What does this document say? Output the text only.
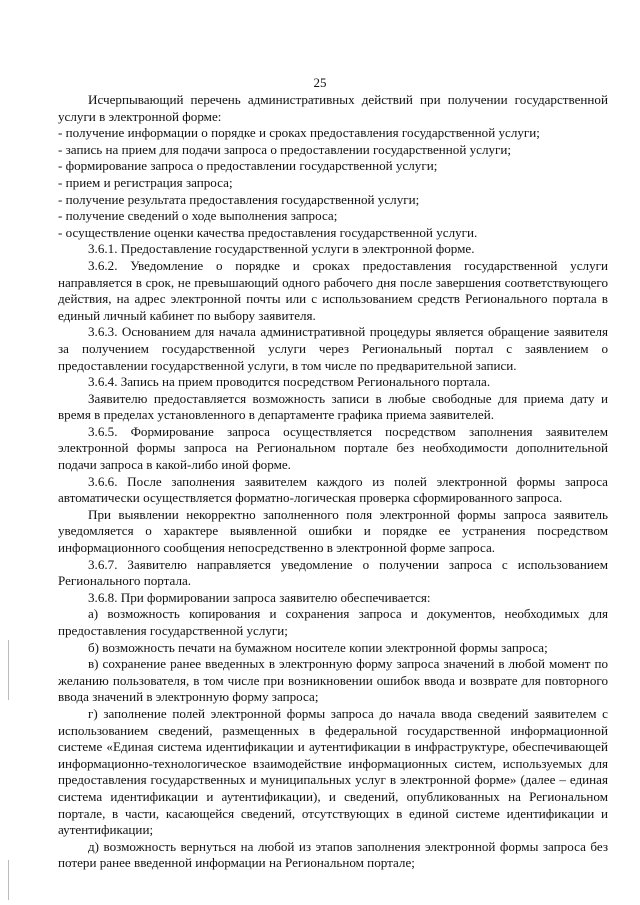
25

Исчерпывающий перечень административных действий при получении государственной услуги в электронной форме:

- получение информации о порядке и сроках предоставления государственной услуги;

- запись на прием для подачи запроса о предоставлении государственной услуги;

- формирование запроса о предоставлении государственной услуги;

- прием и регистрация запроса;

- получение результата предоставления государственной услуги;

- получение сведений о ходе выполнения запроса;

- осуществление оценки качества предоставления государственной услуги.

3.6.1. Предоставление государственной услуги в электронной форме.

3.6.2. Уведомление о порядке и сроках предоставления государственной услуги направляется в срок, не превышающий одного рабочего дня после завершения соответствующего действия, на адрес электронной почты или с использованием средств Регионального портала в единый личный кабинет по выбору заявителя.

3.6.3. Основанием для начала административной процедуры является обращение заявителя за получением государственной услуги через Региональный портал с заявлением о предоставлении государственной услуги, в том числе по предварительной записи.

3.6.4. Запись на прием проводится посредством Регионального портала.

Заявителю предоставляется возможность записи в любые свободные для приема дату и время в пределах установленного в департаменте графика приема заявителей.

3.6.5. Формирование запроса осуществляется посредством заполнения заявителем электронной формы запроса на Региональном портале без необходимости дополнительной подачи запроса в какой-либо иной форме.

3.6.6. После заполнения заявителем каждого из полей электронной формы запроса автоматически осуществляется форматно-логическая проверка сформированного запроса.

При выявлении некорректно заполненного поля электронной формы запроса заявитель уведомляется о характере выявленной ошибки и порядке ее устранения посредством информационного сообщения непосредственно в электронной форме запроса.

3.6.7. Заявителю направляется уведомление о получении запроса с использованием Регионального портала.

3.6.8. При формировании запроса заявителю обеспечивается:

а) возможность копирования и сохранения запроса и документов, необходимых для предоставления государственной услуги;

б) возможность печати на бумажном носителе копии электронной формы запроса;

в) сохранение ранее введенных в электронную форму запроса значений в любой момент по желанию пользователя, в том числе при возникновении ошибок ввода и возврате для повторного ввода значений в электронную форму запроса;

г) заполнение полей электронной формы запроса до начала ввода сведений заявителем с использованием сведений, размещенных в федеральной государственной информационной системе «Единая система идентификации и аутентификации в инфраструктуре, обеспечивающей информационно-технологическое взаимодействие информационных систем, используемых для предоставления государственных и муниципальных услуг в электронной форме» (далее – единая система идентификации и аутентификации), и сведений, опубликованных на Региональном портале, в части, касающейся сведений, отсутствующих в единой системе идентификации и аутентификации;

д) возможность вернуться на любой из этапов заполнения электронной формы запроса без потери ранее введенной информации на Региональном портале;
